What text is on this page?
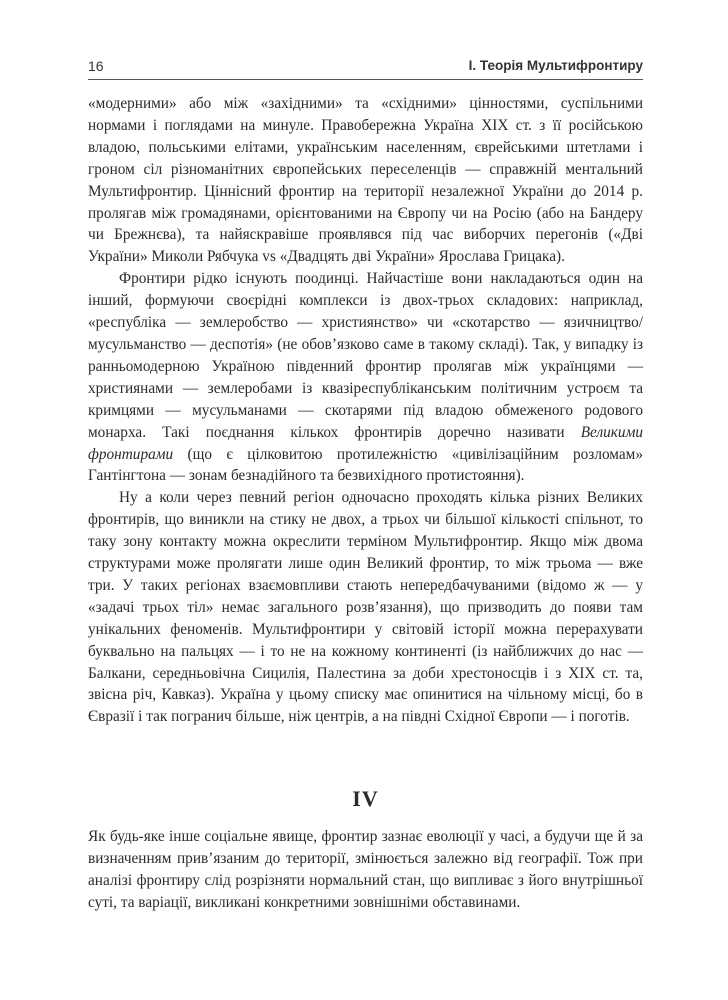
16	I. Теорія Мультифронтиру

«модерними» або між «західними» та «східними» цінностями, суспільними нормами і поглядами на минуле. Правобережна Україна XIX ст. з її російською владою, польськими елітами, українським населенням, єврейськими штетлами і гроном сіл різноманітних європейських переселенців — справжній ментальний Мультифронтир. Ціннісний фронтир на території незалежної України до 2014 р. пролягав між громадянами, орієнтованими на Європу чи на Росію (або на Бандеру чи Брежнєва), та найяскравіше проявлявся під час виборчих перегонів («Дві України» Миколи Рябчука vs «Двадцять дві України» Ярослава Грицака).

Фронтири рідко існують поодинці. Найчастіше вони накладаються один на інший, формуючи своєрідні комплекси із двох-трьох складових: наприклад, «республіка — землеробство — християнство» чи «скотарство — язичництво/мусульманство — деспотія» (не обов’язково саме в такому складі). Так, у випадку із ранньомодерною Україною південний фронтир пролягав між українцями — християнами — землеробами із квазіреспубліканським політичним устроєм та кримцями — мусульманами — скотарями під владою обмеженого родового монарха. Такі поєднання кількох фронтирів доречно називати Великими фронтирами (що є цілковитою протилежністю «цивілізаційним розломам» Гантінгтона — зонам безнадійного та безвихідного протистояння).

Ну а коли через певний регіон одночасно проходять кілька різних Великих фронтирів, що виникли на стику не двох, а трьох чи більшої кількості спільнот, то таку зону контакту можна окреслити терміном Мультифронтир. Якщо між двома структурами може пролягати лише один Великий фронтир, то між трьома — вже три. У таких регіонах взаємовпливи стають непередбачуваними (відомо ж — у «задачі трьох тіл» немає загального розв’язання), що призводить до появи там унікальних феноменів. Мультифронтири у світовій історії можна перерахувати буквально на пальцях — і то не на кожному континенті (із найближчих до нас — Балкани, середньовічна Сицилія, Палестина за доби хрестоносців і з XIX ст. та, звісна річ, Кавказ). Україна у цьому списку має опинитися на чільному місці, бо в Євразії і так погранич більше, ніж центрів, а на півдні Східної Європи — і поготів.

IV

Як будь-яке інше соціальне явище, фронтир зазнає еволюції у часі, а будучи ще й за визначенням прив’язаним до території, змінюється залежно від географії. Тож при аналізі фронтиру слід розрізняти нормальний стан, що випливає з його внутрішньої суті, та варіації, викликані конкретними зовнішніми обставинами.
